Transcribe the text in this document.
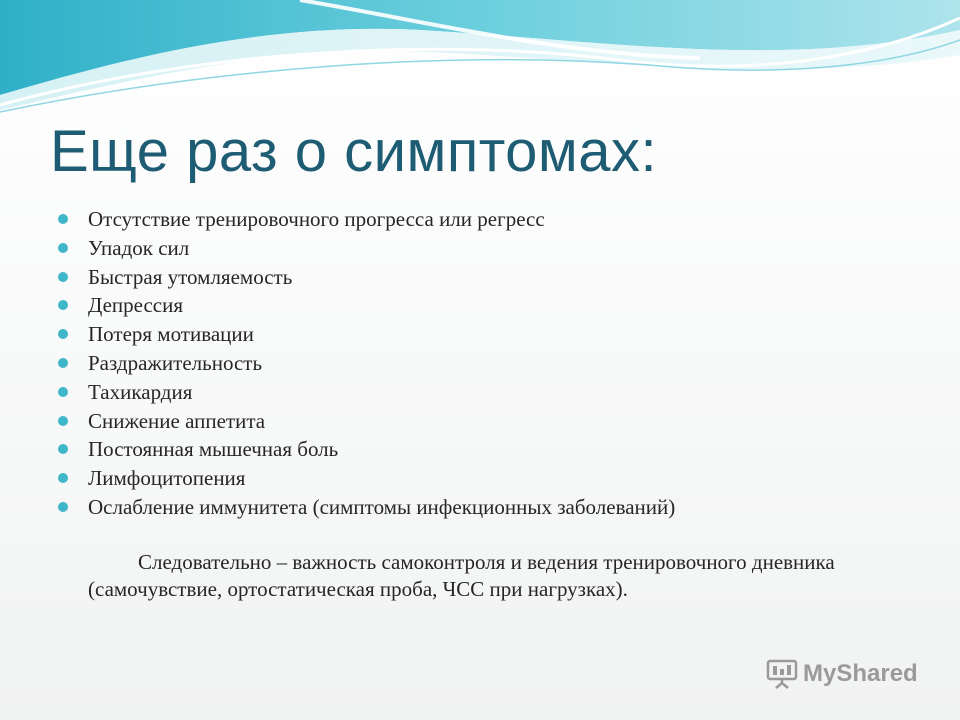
Еще раз о симптомах:
Отсутствие тренировочного прогресса или регресс
Упадок сил
Быстрая утомляемость
Депрессия
Потеря мотивации
Раздражительность
Тахикардия
Снижение аппетита
Постоянная мышечная боль
Лимфоцитопения
Ослабление иммунитета (симптомы инфекционных заболеваний)

Следовательно – важность самоконтроля и ведения тренировочного дневника (самочувствие, ортостатическая проба, ЧСС при нагрузках).

MyShared
